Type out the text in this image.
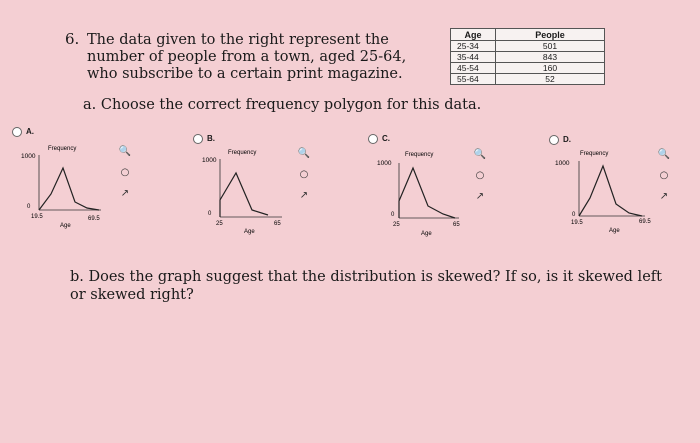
6. The data given to the right represent the number of people from a town, aged 25-64, who subscribe to a certain print magazine.
a. Choose the correct frequency polygon for this data.
Age	People
25-34	501
35-44	843
45-54	160
55-64	52
A.
Frequency
1000
0
19.5	69.5
Age
🔍
○
↗
B.
Frequency
1000
0
25	65
Age
🔍
○
↗
C.
Frequency
1000
0
25	65
Age
🔍
○
↗
D.
Frequency
1000
0
19.5	69.5
Age
🔍
○
↗
b. Does the graph suggest that the distribution is skewed? If so, is it skewed left or skewed right?
